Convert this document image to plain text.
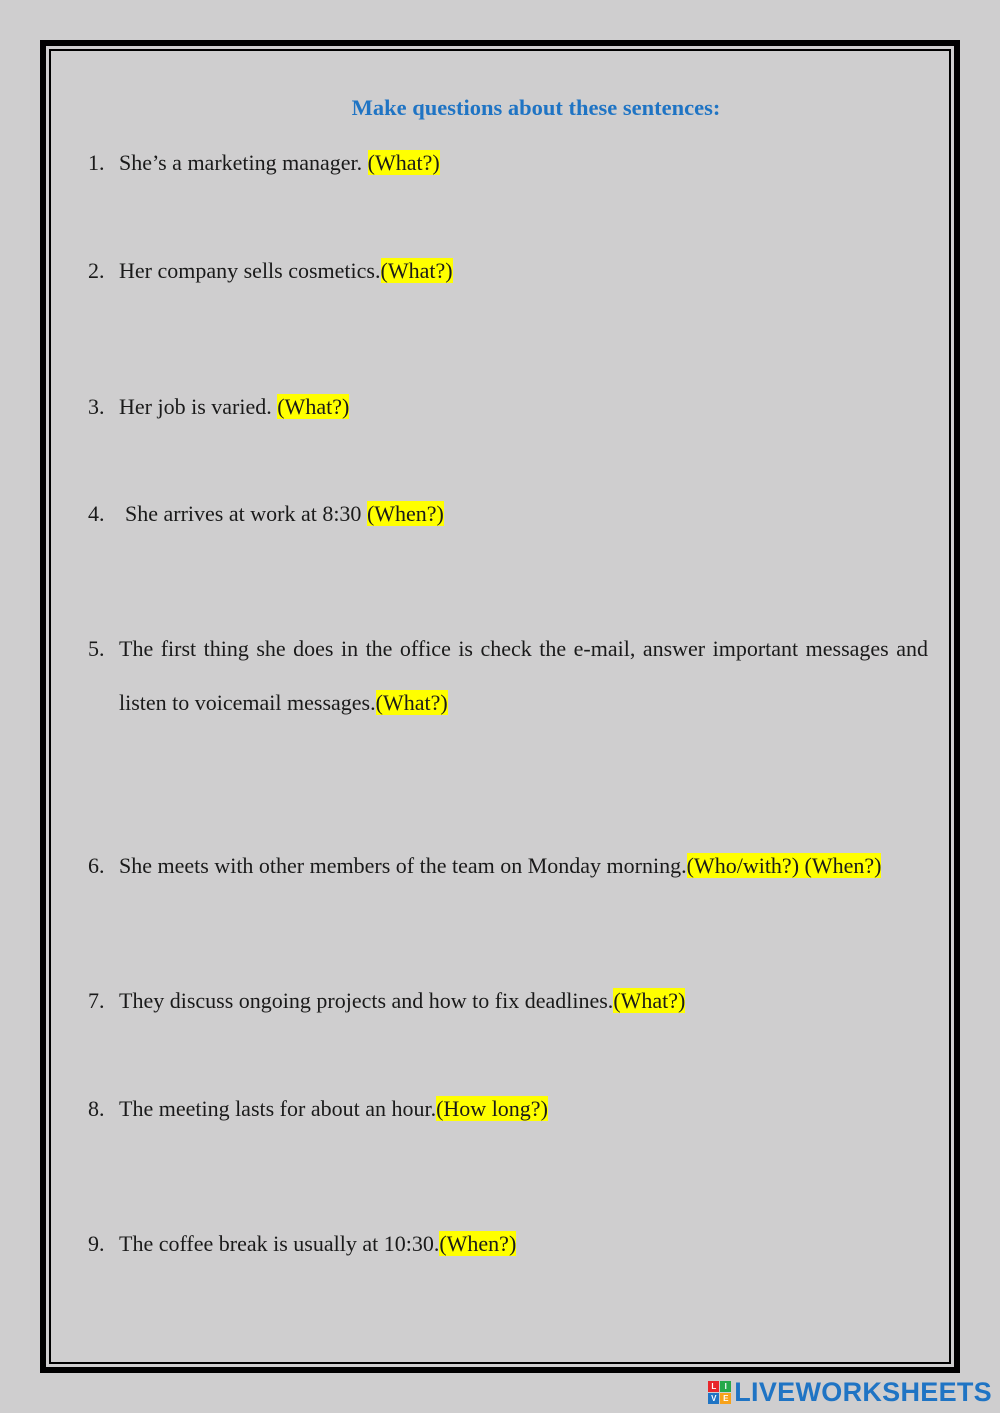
Make questions about these sentences:
1. She’s a marketing manager. (What?)
2. Her company sells cosmetics.(What?)
3. Her job is varied. (What?)
4. She arrives at work at 8:30 (When?)
5. The first thing she does in the office is check the e-mail, answer important messages and listen to voicemail messages.(What?)
6. She meets with other members of the team on Monday morning.(Who/with?) (When?)
7. They discuss ongoing projects and how to fix deadlines.(What?)
8. The meeting lasts for about an hour.(How long?)
9. The coffee break is usually at 10:30.(When?)
L	I
V E LIVEWORKSHEETS
